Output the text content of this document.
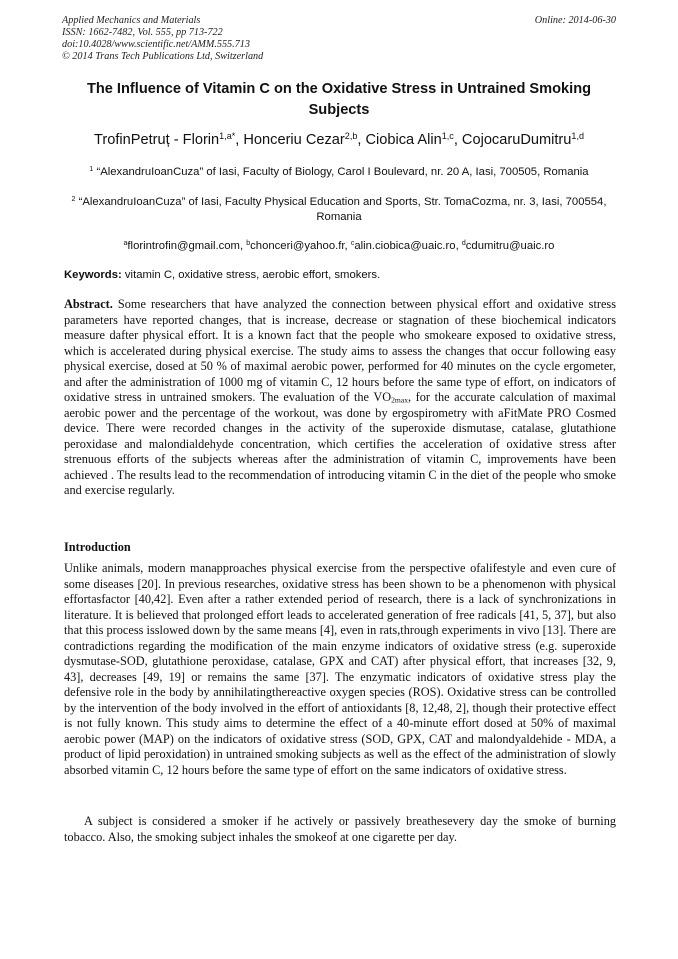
Applied Mechanics and Materials
ISSN: 1662-7482, Vol. 555, pp 713-722
doi:10.4028/www.scientific.net/AMM.555.713
© 2014 Trans Tech Publications Ltd, Switzerland
Online: 2014-06-30
The Influence of Vitamin C on the Oxidative Stress in Untrained Smoking Subjects
TrofinPetruț - Florin$^{1,a*}$, Honceriu Cezar$^{2,b}$, Ciobica Alin$^{1,c}$, CojocaruDumitru$^{1,d}$
$^1$ “AlexandruIoanCuza” of Iasi, Faculty of Biology, Carol I Boulevard, nr. 20 A, Iasi, 700505, Romania
$^2$ “AlexandruIoanCuza” of Iasi, Faculty Physical Education and Sports, Str. TomaCozma, nr. 3, Iasi, 700554, Romania
$^a$florintrofin@gmail.com, $^b$chonceri@yahoo.fr, $^c$alin.ciobica@uaic.ro, $^d$cdumitru@uaic.ro
Keywords: vitamin C, oxidative stress, aerobic effort, smokers.
Abstract. Some researchers that have analyzed the connection between physical effort and oxidative stress parameters have reported changes, that is increase, decrease or stagnation of these biochemical indicators measure dafter physical effort. It is a known fact that the people who smokeare exposed to oxidative stress, which is accelerated during physical exercise. The study aims to assess the changes that occur following easy physical exercise, dosed at 50 % of maximal aerobic power, performed for 40 minutes on the cycle ergometer, and after the administration of 1000 mg of vitamin C, 12 hours before the same type of effort, on indicators of oxidative stress in untrained smokers. The evaluation of the $VO_{2max}$, for the accurate calculation of maximal aerobic power and the percentage of the workout, was done by ergospirometry with aFitMate PRO Cosmed device. There were recorded changes in the activity of the superoxide dismutase, catalase, glutathione peroxidase and malondialdehyde concentration, which certifies the acceleration of oxidative stress after strenuous efforts of the subjects whereas after the administration of vitamin C, improvements have been achieved . The results lead to the recommendation of introducing vitamin C in the diet of the people who smoke and exercise regularly.
Introduction
Unlike animals, modern manapproaches physical exercise from the perspective ofalifestyle and even cure of some diseases [20]. In previous researches, oxidative stress has been shown to be a phenomenon with physical effortasfactor [40,42]. Even after a rather extended period of research, there is a lack of synchronizations in literature. It is believed that prolonged effort leads to accelerated generation of free radicals [41, 5, 37], but also that this process isslowed down by the same means [4], even in rats,through experiments in vivo [13]. There are contradictions regarding the modification of the main enzyme indicators of oxidative stress (e.g. superoxide dysmutase-SOD, glutathione peroxidase, catalase, GPX and CAT) after physical effort, that increases [32, 9, 43], decreases [49, 19] or remains the same [37]. The enzymatic indicators of oxidative stress play the defensive role in the body by annihilatingthereactive oxygen species (ROS). Oxidative stress can be controlled by the intervention of the body involved in the effort of antioxidants [8, 12,48, 2], though their protective effect is not fully known. This study aims to determine the effect of a 40-minute effort dosed at 50% of maximal aerobic power (MAP) on the indicators of oxidative stress (SOD, GPX, CAT and malondyaldehide - MDA, a product of lipid peroxidation) in untrained smoking subjects as well as the effect of the administration of slowly absorbed vitamin C, 12 hours before the same type of effort on the same indicators of oxidative stress.
A subject is considered a smoker if he actively or passively breathesevery day the smoke of burning tobacco. Also, the smoking subject inhales the smokeof at one cigarette per day.
